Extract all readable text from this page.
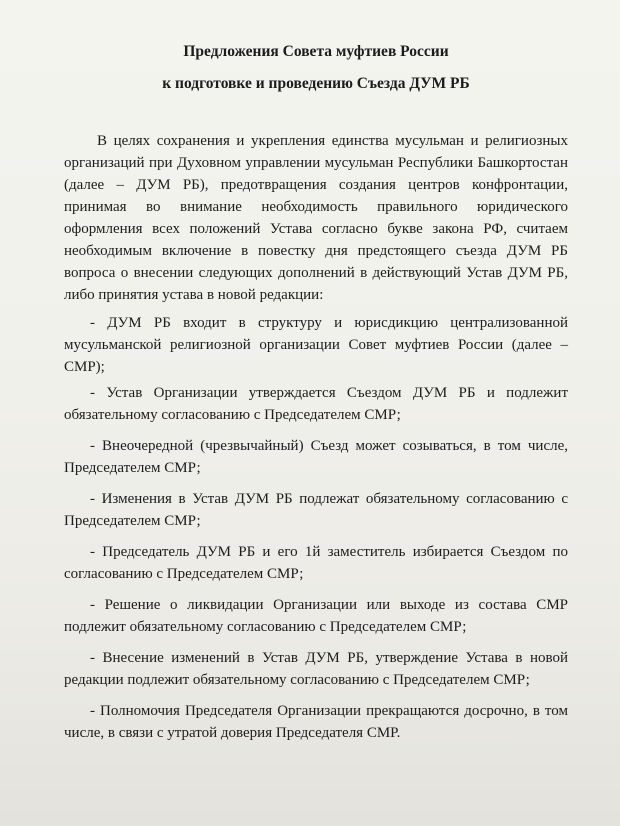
Предложения Совета муфтиев России
к подготовке и проведению Съезда ДУМ РБ

В целях сохранения и укрепления единства мусульман и религиозных организаций при Духовном управлении мусульман Республики Башкортостан (далее – ДУМ РБ), предотвращения создания центров конфронтации, принимая во внимание необходимость правильного юридического оформления всех положений Устава согласно букве закона РФ, считаем необходимым включение в повестку дня предстоящего съезда ДУМ РБ вопроса о внесении следующих дополнений в действующий Устав ДУМ РБ, либо принятия устава в новой редакции:

- ДУМ РБ входит в структуру и юрисдикцию централизованной мусульманской религиозной организации Совет муфтиев России (далее – СМР);
- Устав Организации утверждается Съездом ДУМ РБ и подлежит обязательному согласованию с Председателем СМР;
- Внеочередной (чрезвычайный) Съезд может созываться, в том числе, Председателем СМР;
- Изменения в Устав ДУМ РБ подлежат обязательному согласованию с Председателем СМР;
- Председатель ДУМ РБ и его 1й заместитель избирается Съездом по согласованию с Председателем СМР;
- Решение о ликвидации Организации или выходе из состава СМР подлежит обязательному согласованию с Председателем СМР;
- Внесение изменений в Устав ДУМ РБ, утверждение Устава в новой редакции подлежит обязательному согласованию с Председателем СМР;
- Полномочия Председателя Организации прекращаются досрочно, в том числе, в связи с утратой доверия Председателя СМР.
